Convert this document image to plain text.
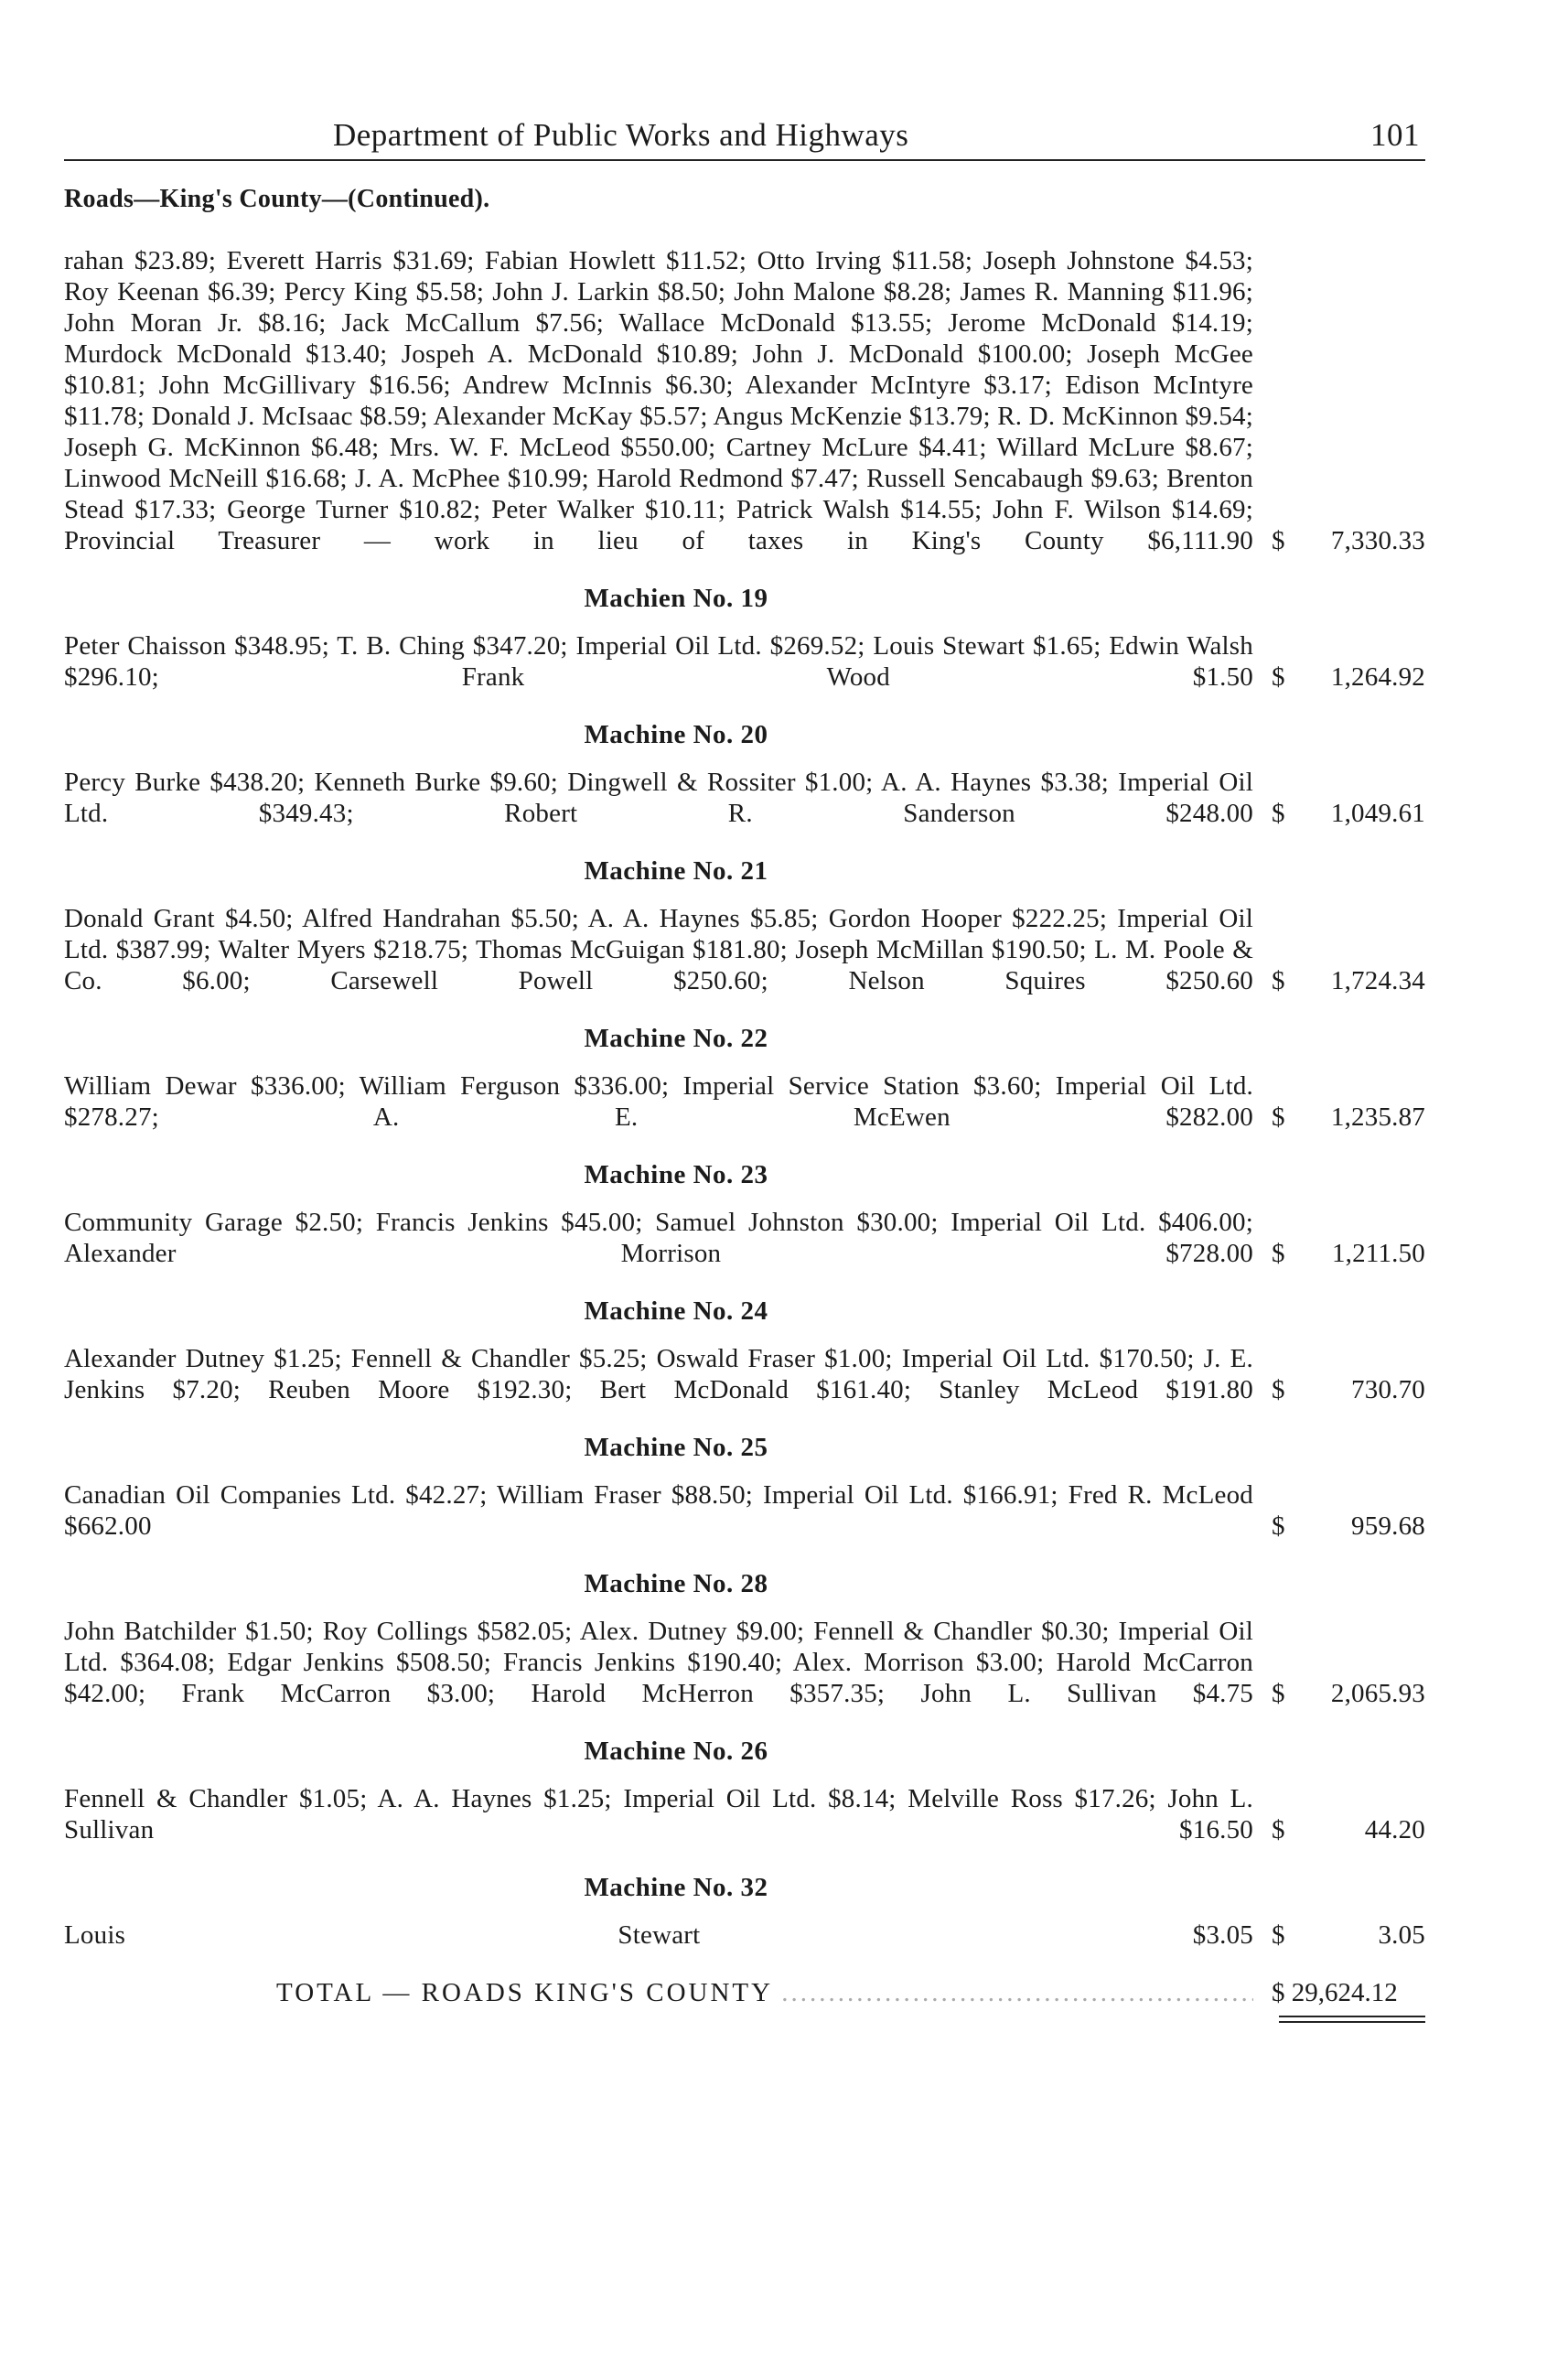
Department of Public Works and Highways	101
Roads—King's County—(Continued).
rahan $23.89; Everett Harris $31.69; Fabian Howlett $11.52; Otto Irving $11.58; Joseph Johnstone $4.53; Roy Keenan $6.39; Percy King $5.58; John J. Larkin $8.50; John Malone $8.28; James R. Manning $11.96; John Moran Jr. $8.16; Jack McCallum $7.56; Wallace McDonald $13.55; Jerome McDonald $14.19; Murdock McDonald $13.40; Jospeh A. McDonald $10.89; John J. McDonald $100.00; Joseph McGee $10.81; John McGillivary $16.56; Andrew McInnis $6.30; Alexander McIntyre $3.17; Edison McIntyre $11.78; Donald J. McIsaac $8.59; Alexander McKay $5.57; Angus McKenzie $13.79; R. D. McKinnon $9.54; Joseph G. McKinnon $6.48; Mrs. W. F. McLeod $550.00; Cartney McLure $4.41; Willard McLure $8.67; Linwood McNeill $16.68; J. A. McPhee $10.99; Harold Redmond $7.47; Russell Sencabaugh $9.63; Brenton Stead $17.33; George Turner $10.82; Peter Walker $10.11; Patrick Walsh $14.55; John F. Wilson $14.69; Provincial Treasurer — work in lieu of taxes in King's County $6,111.90 $ 7,330.33
Machien No. 19
Peter Chaisson $348.95; T. B. Ching $347.20; Imperial Oil Ltd. $269.52; Louis Stewart $1.65; Edwin Walsh $296.10; Frank Wood $1.50 $ 1,264.92
Machine No. 20
Percy Burke $438.20; Kenneth Burke $9.60; Dingwell & Rossiter $1.00; A. A. Haynes $3.38; Imperial Oil Ltd. $349.43; Robert R. Sanderson $248.00 $ 1,049.61
Machine No. 21
Donald Grant $4.50; Alfred Handrahan $5.50; A. A. Haynes $5.85; Gordon Hooper $222.25; Imperial Oil Ltd. $387.99; Walter Myers $218.75; Thomas McGuigan $181.80; Joseph McMillan $190.50; L. M. Poole & Co. $6.00; Carsewell Powell $250.60; Nelson Squires $250.60 $ 1,724.34
Machine No. 22
William Dewar $336.00; William Ferguson $336.00; Imperial Service Station $3.60; Imperial Oil Ltd. $278.27; A. E. McEwen $282.00 $ 1,235.87
Machine No. 23
Community Garage $2.50; Francis Jenkins $45.00; Samuel Johnston $30.00; Imperial Oil Ltd. $406.00; Alexander Morrison $728.00 $ 1,211.50
Machine No. 24
Alexander Dutney $1.25; Fennell & Chandler $5.25; Oswald Fraser $1.00; Imperial Oil Ltd. $170.50; J. E. Jenkins $7.20; Reuben Moore $192.30; Bert McDonald $161.40; Stanley McLeod $191.80 $ 730.70
Machine No. 25
Canadian Oil Companies Ltd. $42.27; William Fraser $88.50; Imperial Oil Ltd. $166.91; Fred R. McLeod $662.00	$ 959.68
Machine No. 28
John Batchilder $1.50; Roy Collings $582.05; Alex. Dutney $9.00; Fennell & Chandler $0.30; Imperial Oil Ltd. $364.08; Edgar Jenkins $508.50; Francis Jenkins $190.40; Alex. Morrison $3.00; Harold McCarron $42.00; Frank McCarron $3.00; Harold McHerron $357.35; John L. Sullivan $4.75 $ 2,065.93
Machine No. 26
Fennell & Chandler $1.05; A. A. Haynes $1.25; Imperial Oil Ltd. $8.14; Melville Ross $17.26; John L. Sullivan $16.50 $	44.20
Machine No. 32
Louis Stewart $3.05 $	3.05
TOTAL — ROADS KING'S COUNTY .....	$ 29,624.12
